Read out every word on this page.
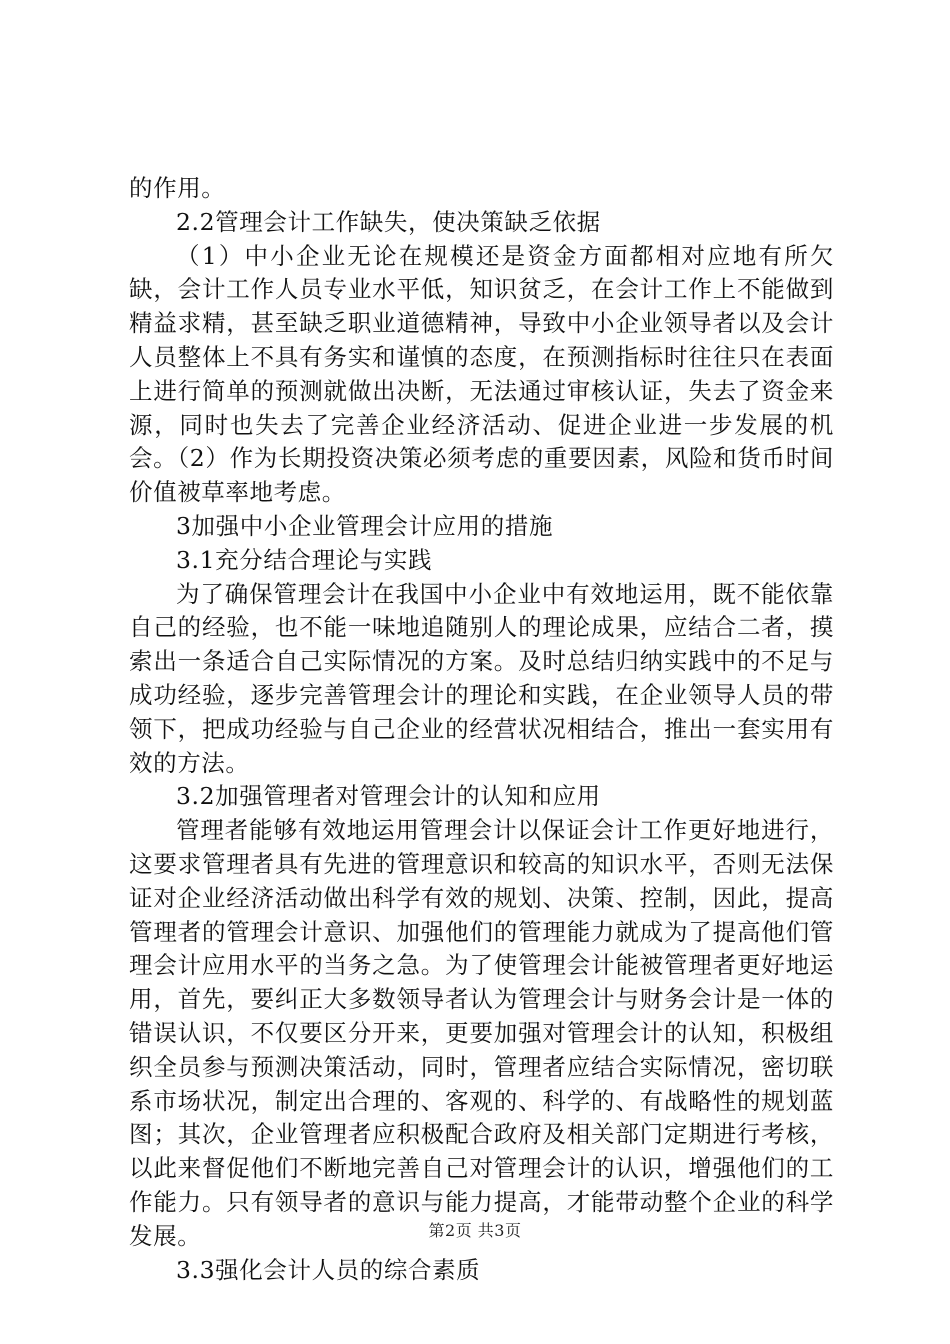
的作用。

2.2管理会计工作缺失，使决策缺乏依据

（1）中小企业无论在规模还是资金方面都相对应地有所欠缺，会计工作人员专业水平低，知识贫乏，在会计工作上不能做到精益求精，甚至缺乏职业道德精神，导致中小企业领导者以及会计人员整体上不具有务实和谨慎的态度，在预测指标时往往只在表面上进行简单的预测就做出决断，无法通过审核认证，失去了资金来源，同时也失去了完善企业经济活动、促进企业进一步发展的机会。（2）作为长期投资决策必须考虑的重要因素，风险和货币时间价值被草率地考虑。

3加强中小企业管理会计应用的措施

3.1充分结合理论与实践

为了确保管理会计在我国中小企业中有效地运用，既不能依靠自己的经验，也不能一味地追随别人的理论成果，应结合二者，摸索出一条适合自己实际情况的方案。及时总结归纳实践中的不足与成功经验，逐步完善管理会计的理论和实践，在企业领导人员的带领下，把成功经验与自己企业的经营状况相结合，推出一套实用有效的方法。

3.2加强管理者对管理会计的认知和应用

管理者能够有效地运用管理会计以保证会计工作更好地进行，这要求管理者具有先进的管理意识和较高的知识水平，否则无法保证对企业经济活动做出科学有效的规划、决策、控制，因此，提高管理者的管理会计意识、加强他们的管理能力就成为了提高他们管理会计应用水平的当务之急。为了使管理会计能被管理者更好地运用，首先，要纠正大多数领导者认为管理会计与财务会计是一体的错误认识，不仅要区分开来，更要加强对管理会计的认知，积极组织全员参与预测决策活动，同时，管理者应结合实际情况，密切联系市场状况，制定出合理的、客观的、科学的、有战略性的规划蓝图；其次，企业管理者应积极配合政府及相关部门定期进行考核，以此来督促他们不断地完善自己对管理会计的认识，增强他们的工作能力。只有领导者的意识与能力提高，才能带动整个企业的科学发展。

3.3强化会计人员的综合素质

第2页 共3页
